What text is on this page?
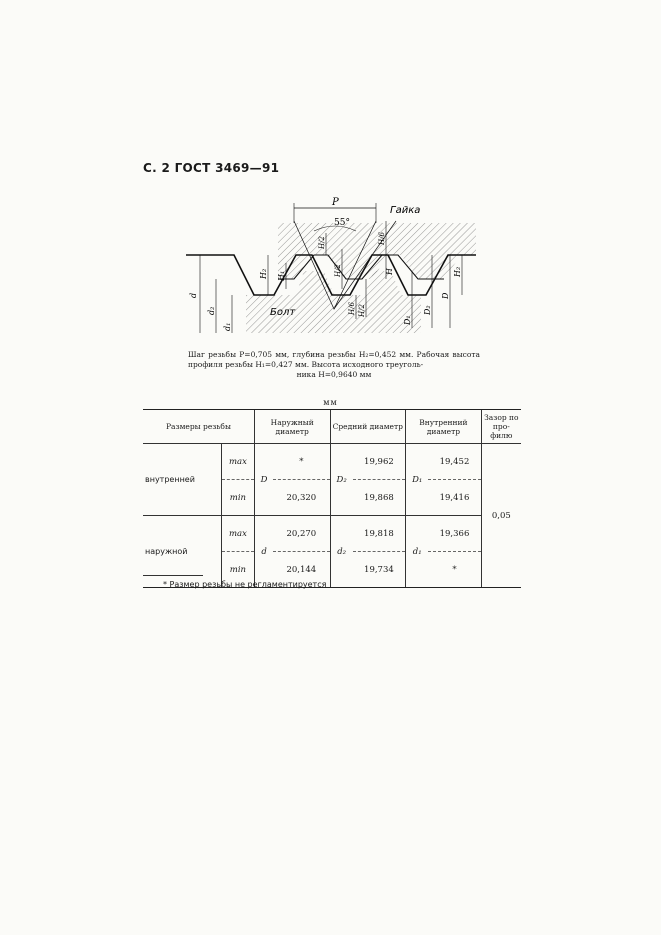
С. 2 ГОСТ 3469—91
P
55°
Гайка
Болт
d
d₂
d₁
H₂ H₁
H/2
H/2
H/6 H/2
H/6
H
D₁
D₂
D
H₂
Шаг резьбы P=0,705 мм, глубина резьбы H₂=0,452 мм. Рабочая высота профиля резьбы H₁=0,427 мм. Высота исходного треуголь-
ника H=0,9640 мм
мм
Размеры резьбы		Наружный диаметр		Средний диаметр		Внутренний диаметр		Зазор по про-филю
внутренней	max	D	*	D₂	19,962	D₁	19,452	0,05
	min		20,320		19,868		19,416	
наружной	max	d	20,270	d₂	19,818	d₁	19,366	
	min		20,144		19,734		*	
* Размер резьбы не регламентируется
